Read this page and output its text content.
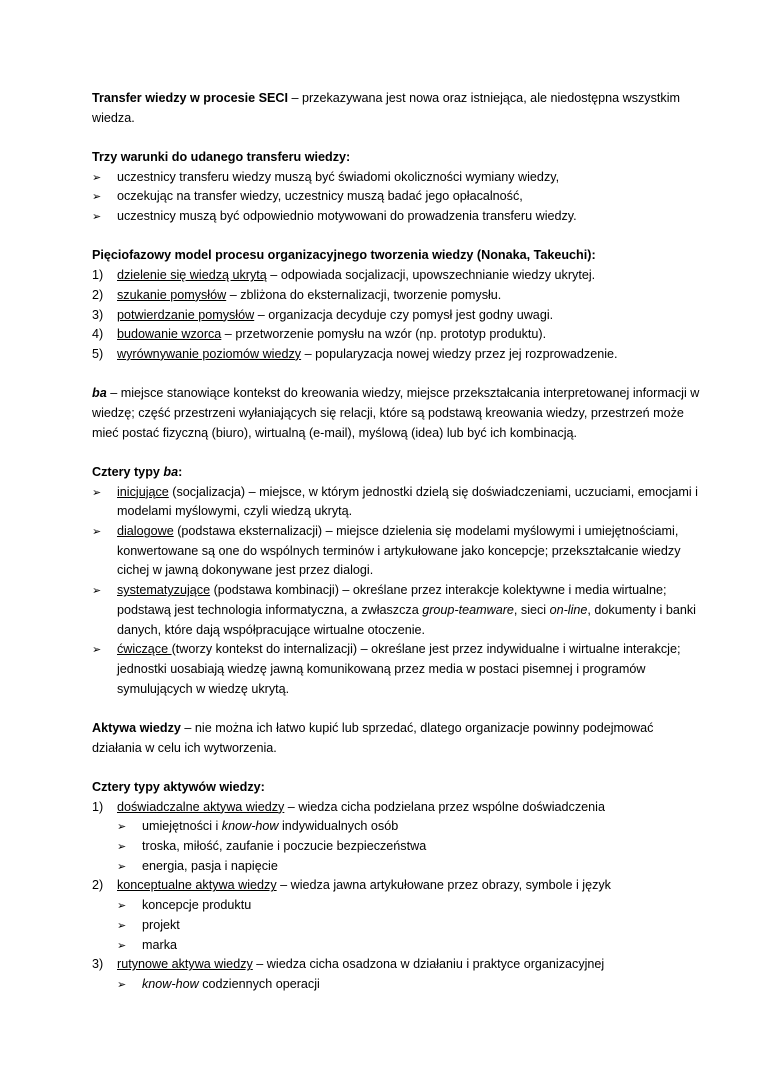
Transfer wiedzy w procesie SECI – przekazywana jest nowa oraz istniejąca, ale niedostępna wszystkim wiedza.

Trzy warunki do udanego transferu wiedzy:

➢	uczestnicy transferu wiedzy muszą być świadomi okoliczności wymiany wiedzy,
➢	oczekując na transfer wiedzy, uczestnicy muszą badać jego opłacalność,
➢	uczestnicy muszą być odpowiednio motywowani do prowadzenia transferu wiedzy.

Pięciofazowy model procesu organizacyjnego tworzenia wiedzy (Nonaka, Takeuchi):

1)	dzielenie się wiedzą ukrytą – odpowiada socjalizacji, upowszechnianie wiedzy ukrytej.
2)	szukanie pomysłów – zbliżona do eksternalizacji, tworzenie pomysłu.
3)	potwierdzanie pomysłów – organizacja decyduje czy pomysł jest godny uwagi.
4)	budowanie wzorca – przetworzenie pomysłu na wzór (np. prototyp produktu).
5)	wyrównywanie poziomów wiedzy – popularyzacja nowej wiedzy przez jej rozprowadzenie.

ba – miejsce stanowiące kontekst do kreowania wiedzy, miejsce przekształcania interpretowanej informacji w wiedzę; część przestrzeni wyłaniających się relacji, które są podstawą kreowania wiedzy, przestrzeń może mieć postać fizyczną (biuro), wirtualną (e-mail), myślową (idea) lub być ich kombinacją.

Cztery typy ba:

➢	inicjujące (socjalizacja) – miejsce, w którym jednostki dzielą się doświadczeniami, uczuciami, emocjami i modelami myślowymi, czyli wiedzą ukrytą.
➢	dialogowe (podstawa eksternalizacji) – miejsce dzielenia się modelami myślowymi i umiejętnościami, konwertowane są one do wspólnych terminów i artykułowane jako koncepcje; przekształcanie wiedzy cichej w jawną dokonywane jest przez dialogi.
➢	systematyzujące (podstawa kombinacji) – określane przez interakcje kolektywne i media wirtualne; podstawą jest technologia informatyczna, a zwłaszcza group-teamware, sieci on-line, dokumenty i banki danych, które dają współpracujące wirtualne otoczenie.
➢	ćwiczące (tworzy kontekst do internalizacji) – określane jest przez indywidualne i wirtualne interakcje; jednostki uosabiają wiedzę jawną komunikowaną przez media w postaci pisemnej i programów symulujących w wiedzę ukrytą.

Aktywa wiedzy – nie można ich łatwo kupić lub sprzedać, dlatego organizacje powinny podejmować działania w celu ich wytworzenia.

Cztery typy aktywów wiedzy:

1)	doświadczalne aktywa wiedzy – wiedza cicha podzielana przez wspólne doświadczenia
➢	umiejętności i know-how indywidualnych osób
➢	troska, miłość, zaufanie i poczucie bezpieczeństwa
➢	energia, pasja i napięcie
2)	konceptualne aktywa wiedzy – wiedza jawna artykułowane przez obrazy, symbole i język
➢	koncepcje produktu
➢	projekt
➢	marka
3)	rutynowe aktywa wiedzy – wiedza cicha osadzona w działaniu i praktyce organizacyjnej
➢	know-how codziennych operacji
